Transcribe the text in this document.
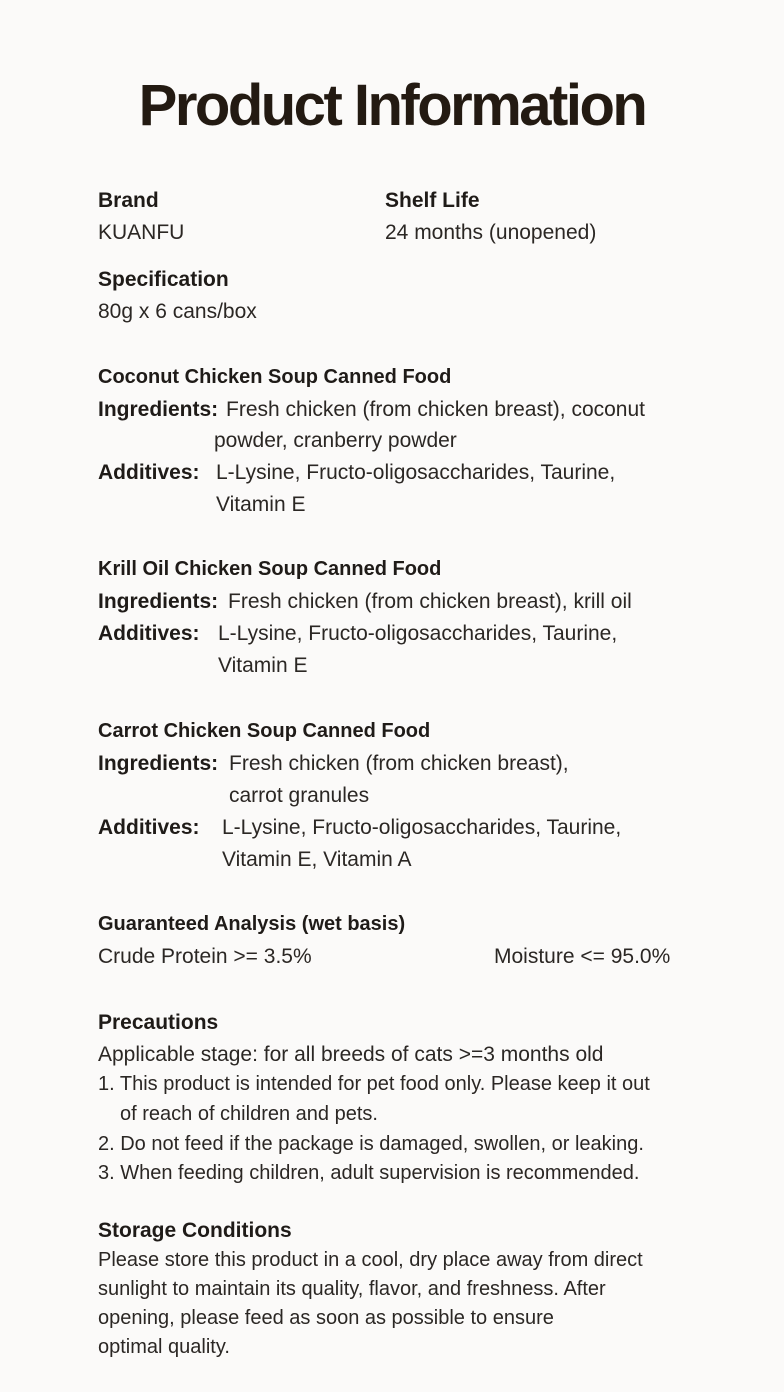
Product Information
Brand
KUANFU
Shelf Life
24 months (unopened)
Specification
80g x 6 cans/box
Coconut Chicken Soup Canned Food
Ingredients: Fresh chicken (from chicken breast), coconut
powder, cranberry powder
Additives: L-Lysine, Fructo-oligosaccharides, Taurine,
Vitamin E
Krill Oil Chicken Soup Canned Food
Ingredients: Fresh chicken (from chicken breast), krill oil
Additives: L-Lysine, Fructo-oligosaccharides, Taurine,
Vitamin E
Carrot Chicken Soup Canned Food
Ingredients: Fresh chicken (from chicken breast),
carrot granules
Additives: L-Lysine, Fructo-oligosaccharides, Taurine,
Vitamin E, Vitamin A
Guaranteed Analysis (wet basis)
Crude Protein >= 3.5%	Moisture <= 95.0%
Precautions
Applicable stage: for all breeds of cats >=3 months old
1. This product is intended for pet food only. Please keep it out
of reach of children and pets.
2. Do not feed if the package is damaged, swollen, or leaking.
3. When feeding children, adult supervision is recommended.
Storage Conditions
Please store this product in a cool, dry place away from direct
sunlight to maintain its quality, flavor, and freshness. After
opening, please feed as soon as possible to ensure
optimal quality.
